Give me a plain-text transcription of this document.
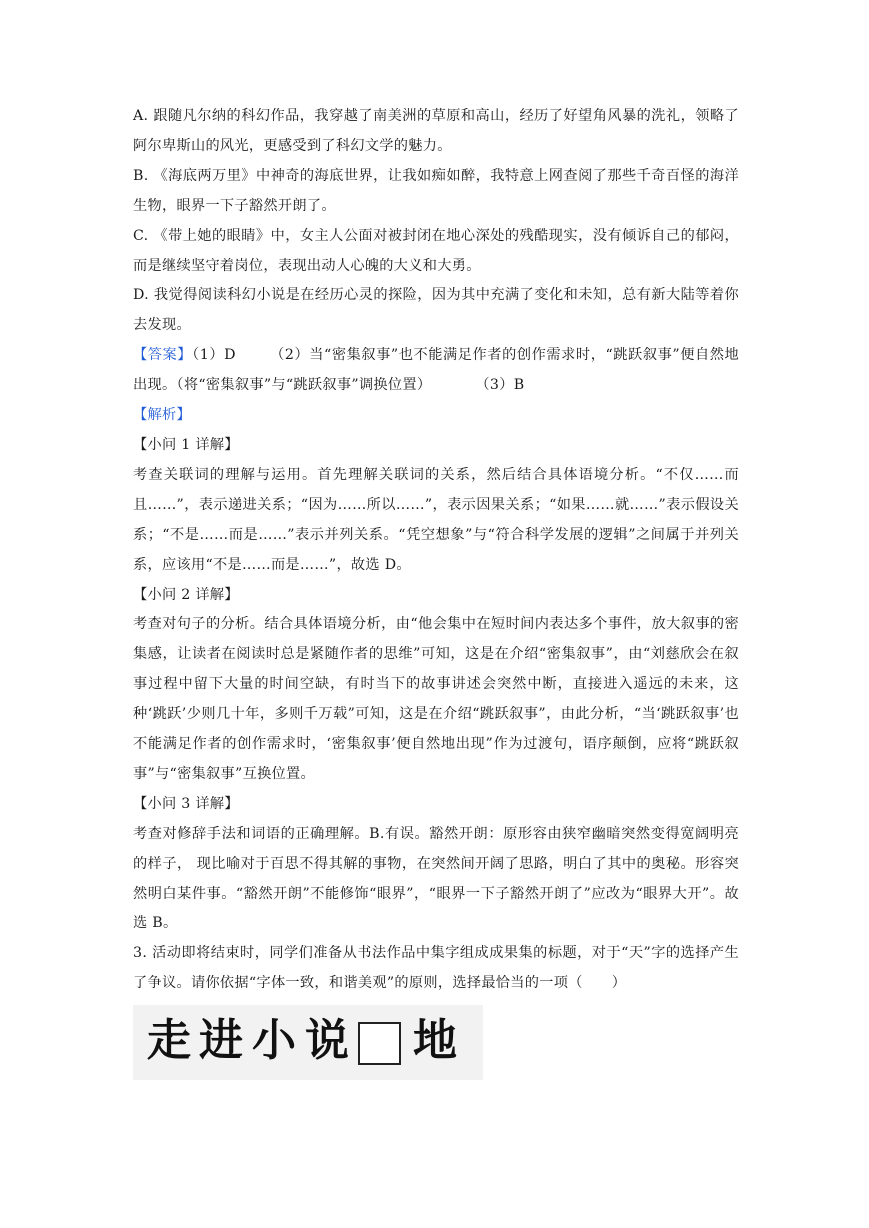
A. 跟随凡尔纳的科幻作品，我穿越了南美洲的草原和高山，经历了好望角风暴的洗礼，领略了阿尔卑斯山的风光，更感受到了科幻文学的魅力。

B. 《海底两万里》中神奇的海底世界，让我如痴如醉，我特意上网查阅了那些千奇百怪的海洋生物，眼界一下子豁然开朗了。

C. 《带上她的眼睛》中，女主人公面对被封闭在地心深处的残酷现实，没有倾诉自己的郁闷，而是继续坚守着岗位，表现出动人心魄的大义和大勇。

D. 我觉得阅读科幻小说是在经历心灵的探险，因为其中充满了变化和未知，总有新大陆等着你去发现。

【答案】（1）D （2）当“密集叙事”也不能满足作者的创作需求时，“跳跃叙事”便自然地出现。（将“密集叙事”与“跳跃叙事”调换位置）	（3）B

【解析】

【小问 1 详解】

考查关联词的理解与运用。首先理解关联词的关系，然后结合具体语境分析。“不仅……而且……”，表示递进关系；“因为……所以……”，表示因果关系；“如果……就……”表示假设关系；“不是……而是……”表示并列关系。“凭空想象”与“符合科学发展的逻辑”之间属于并列关系，应该用“不是……而是……”，故选 D。

【小问 2 详解】

考查对句子的分析。结合具体语境分析，由“他会集中在短时间内表达多个事件，放大叙事的密集感，让读者在阅读时总是紧随作者的思维”可知，这是在介绍“密集叙事”，由“刘慈欣会在叙事过程中留下大量的时间空缺，有时当下的故事讲述会突然中断，直接进入遥远的未来，这种‘跳跃’少则几十年，多则千万载”可知，这是在介绍“跳跃叙事”，由此分析，“当‘跳跃叙事’也不能满足作者的创作需求时，‘密集叙事’便自然地出现”作为过渡句，语序颠倒，应将“跳跃叙事”与“密集叙事”互换位置。

【小问 3 详解】

考查对修辞手法和词语的正确理解。B.有误。豁然开朗：原形容由狭窄幽暗突然变得宽阔明亮的样子， 现比喻对于百思不得其解的事物，在突然间开阔了思路，明白了其中的奥秘。形容突然明白某件事。“豁然开朗”不能修饰“眼界”，“眼界一下子豁然开朗了”应改为“眼界大开”。故选 B。

3. 活动即将结束时，同学们准备从书法作品中集字组成成果集的标题，对于“天”字的选择产生了争议。请你依据“字体一致，和谐美观”的原则，选择最恰当的一项（　　）

走 进 小 说 地
